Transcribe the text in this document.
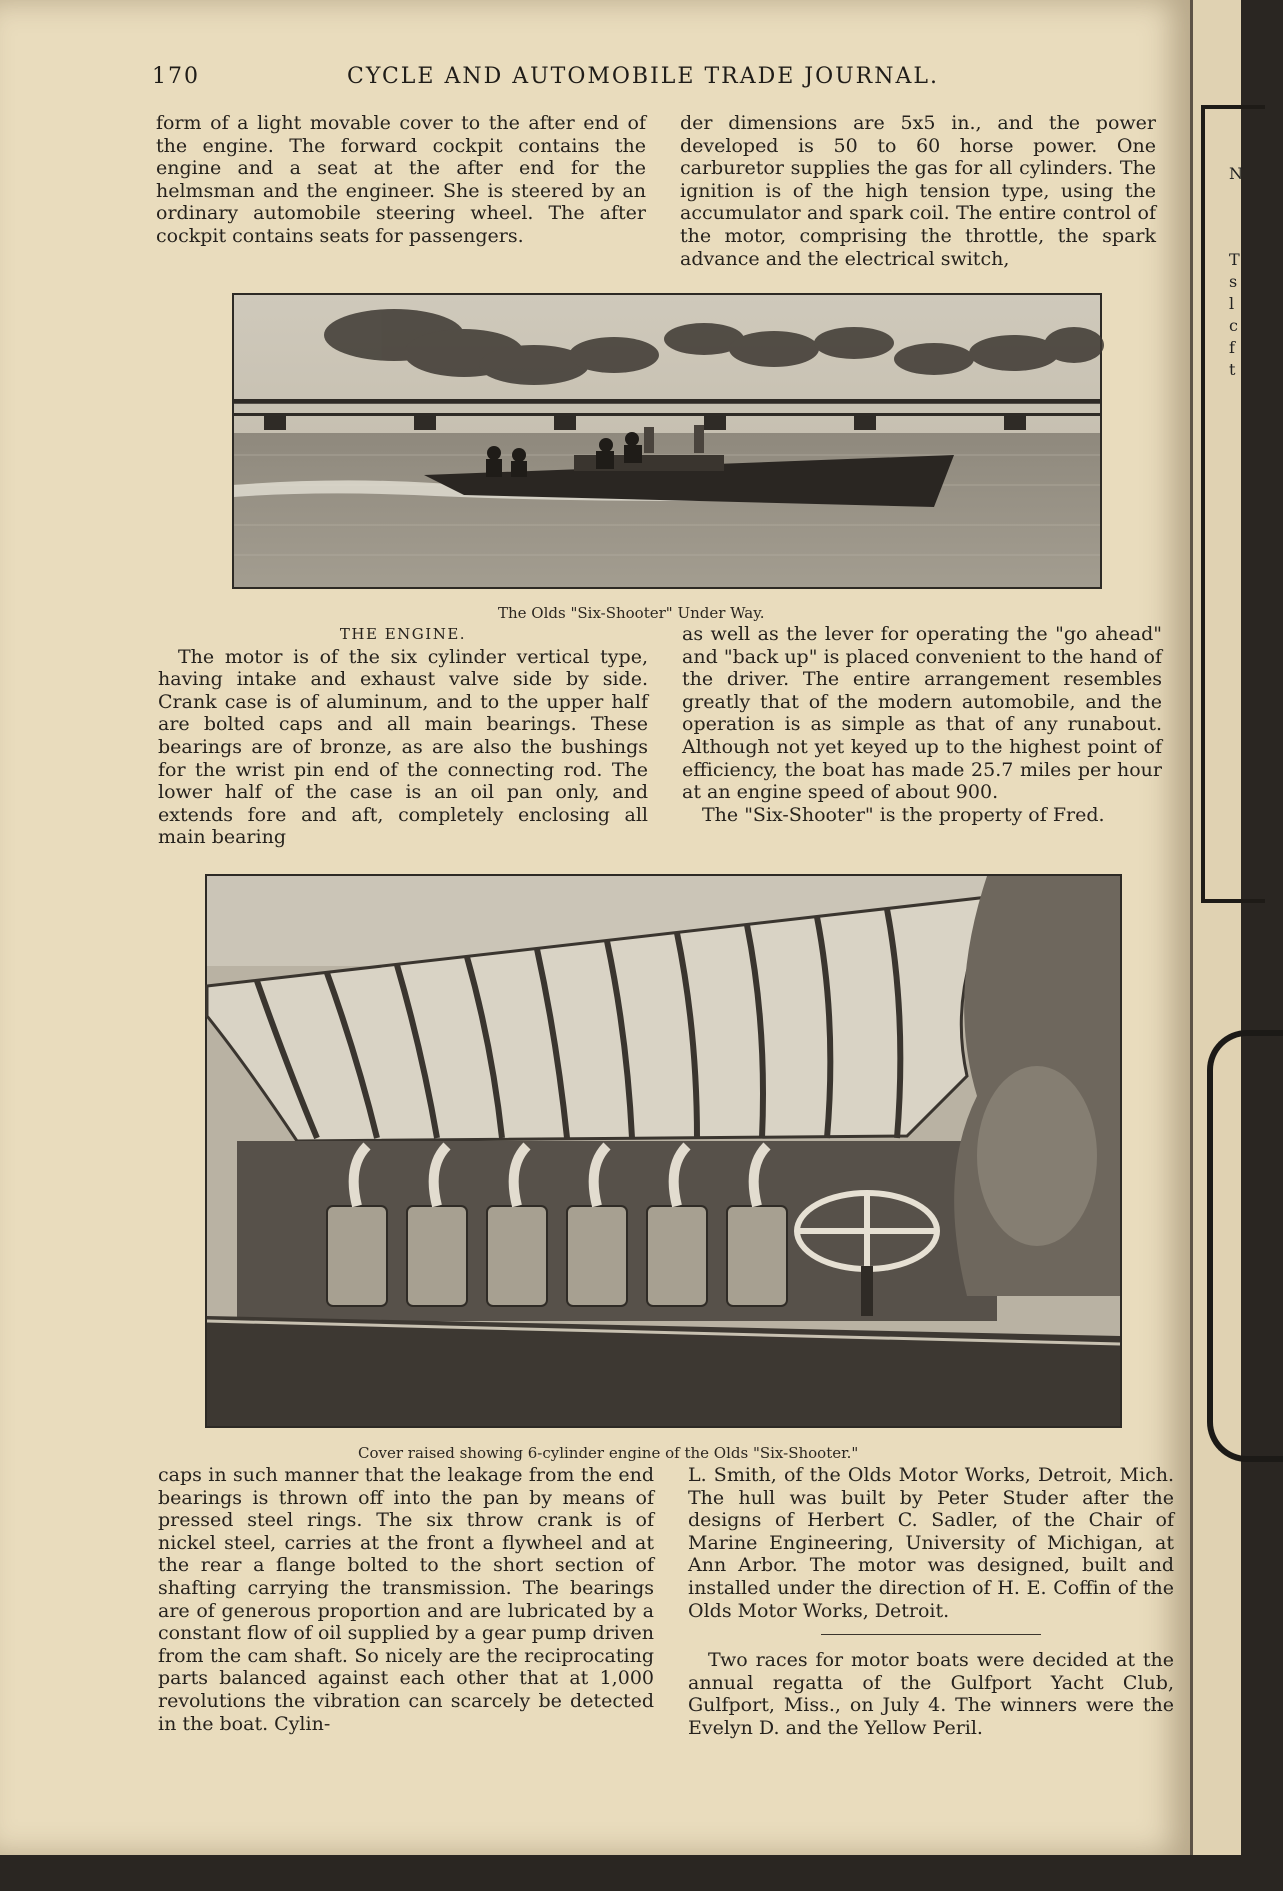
170	CYCLE AND AUTOMOBILE TRADE JOURNAL.

form of a light movable cover to the after end of the engine. The forward cockpit contains the engine and a seat at the after end for the helmsman and the engineer. She is steered by an ordinary automobile steering wheel. The after cockpit contains seats for passengers.

der dimensions are 5x5 in., and the power developed is 50 to 60 horse power. One carburetor supplies the gas for all cylinders. The ignition is of the high tension type, using the accumulator and spark coil. The entire control of the motor, comprising the throttle, the spark advance and the electrical switch,

The Olds "Six-Shooter" Under Way.

THE ENGINE.

The motor is of the six cylinder vertical type, having intake and exhaust valve side by side. Crank case is of aluminum, and to the upper half are bolted caps and all main bearings. These bearings are of bronze, as are also the bushings for the wrist pin end of the connecting rod. The lower half of the case is an oil pan only, and extends fore and aft, completely enclosing all main bearing

as well as the lever for operating the "go ahead" and "back up" is placed convenient to the hand of the driver. The entire arrangement resembles greatly that of the modern automobile, and the operation is as simple as that of any runabout. Although not yet keyed up to the highest point of efficiency, the boat has made 25.7 miles per hour at an engine speed of about 900.

The "Six-Shooter" is the property of Fred.

Cover raised showing 6-cylinder engine of the Olds "Six-Shooter."

caps in such manner that the leakage from the end bearings is thrown off into the pan by means of pressed steel rings. The six throw crank is of nickel steel, carries at the front a flywheel and at the rear a flange bolted to the short section of shafting carrying the transmission. The bearings are of generous proportion and are lubricated by a constant flow of oil supplied by a gear pump driven from the cam shaft. So nicely are the reciprocating parts balanced against each other that at 1,000 revolutions the vibration can scarcely be detected in the boat. Cylin-

L. Smith, of the Olds Motor Works, Detroit, Mich. The hull was built by Peter Studer after the designs of Herbert C. Sadler, of the Chair of Marine Engineering, University of Michigan, at Ann Arbor. The motor was designed, built and installed under the direction of H. E. Coffin of the Olds Motor Works, Detroit.

Two races for motor boats were decided at the annual regatta of the Gulfport Yacht Club, Gulfport, Miss., on July 4. The winners were the Evelyn D. and the Yellow Peril.

N
T
s
l
c
f
t
